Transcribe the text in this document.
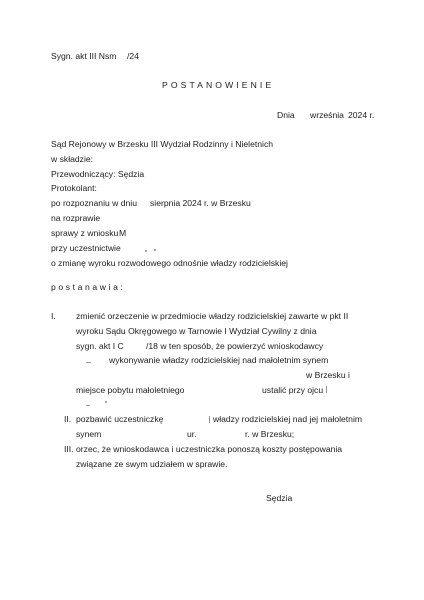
Sygn. akt III Nsm /24
POSTANOWIENIE
Dnia września 2024 r.
Sąd Rejonowy w Brzesku III Wydział Rodzinny i Nieletnich
w składzie:
Przewodniczący: Sędzia
Protokolant:
po rozpoznaniu w dniu sierpnia 2024 r. w Brzesku
na rozprawie
sprawy z wniosku M
przy uczestnictwie
o zmianę wyroku rozwodowego odnośnie władzy rodzicielskiej
postanawia:
I. zmienić orzeczenie w przedmiocie władzy rodzicielskiej zawarte w pkt II
wyroku Sądu Okręgowego w Tarnowie I Wydział Cywilny z dnia
sygn. akt I C	/18 w ten sposób, że powierzyć wnioskodawcy
wykonywanie władzy rodzicielskiej nad małoletnim synem
w Brzesku i
miejsce pobytu małoletniego	ustalić przy ojcu
II. pozbawić uczestniczkę	władzy rodzicielskiej nad jej małoletnim
synem	ur.	r. w Brzesku;
III. orzec, że wnioskodawca i uczestniczka ponoszą koszty postępowania
związane ze swym udziałem w sprawie.
Sędzia
